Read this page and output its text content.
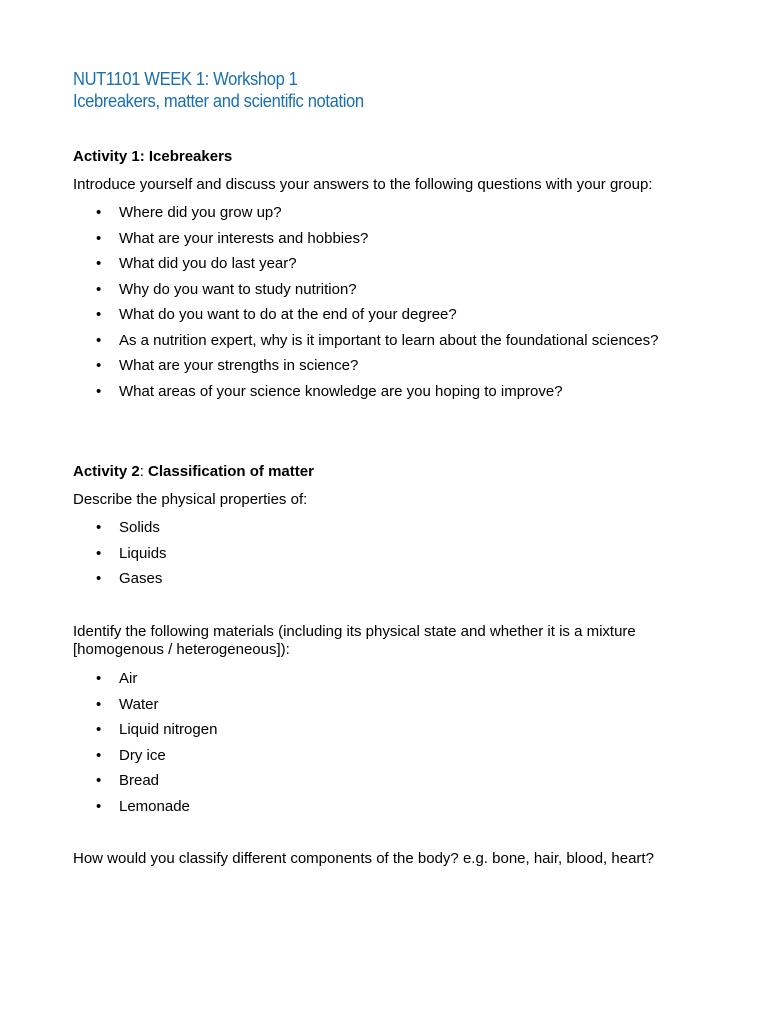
NUT1101 WEEK 1: Workshop 1
Icebreakers, matter and scientific notation
Activity 1: Icebreakers
Introduce yourself and discuss your answers to the following questions with your group:
• Where did you grow up?
• What are your interests and hobbies?
• What did you do last year?
• Why do you want to study nutrition?
• What do you want to do at the end of your degree?
• As a nutrition expert, why is it important to learn about the foundational sciences?
• What are your strengths in science?
• What areas of your science knowledge are you hoping to improve?
Activity 2: Classification of matter
Describe the physical properties of:
• Solids
• Liquids
• Gases
Identify the following materials (including its physical state and whether it is a mixture [homogenous / heterogeneous]):
• Air
• Water
• Liquid nitrogen
• Dry ice
• Bread
• Lemonade
How would you classify different components of the body? e.g. bone, hair, blood, heart?
